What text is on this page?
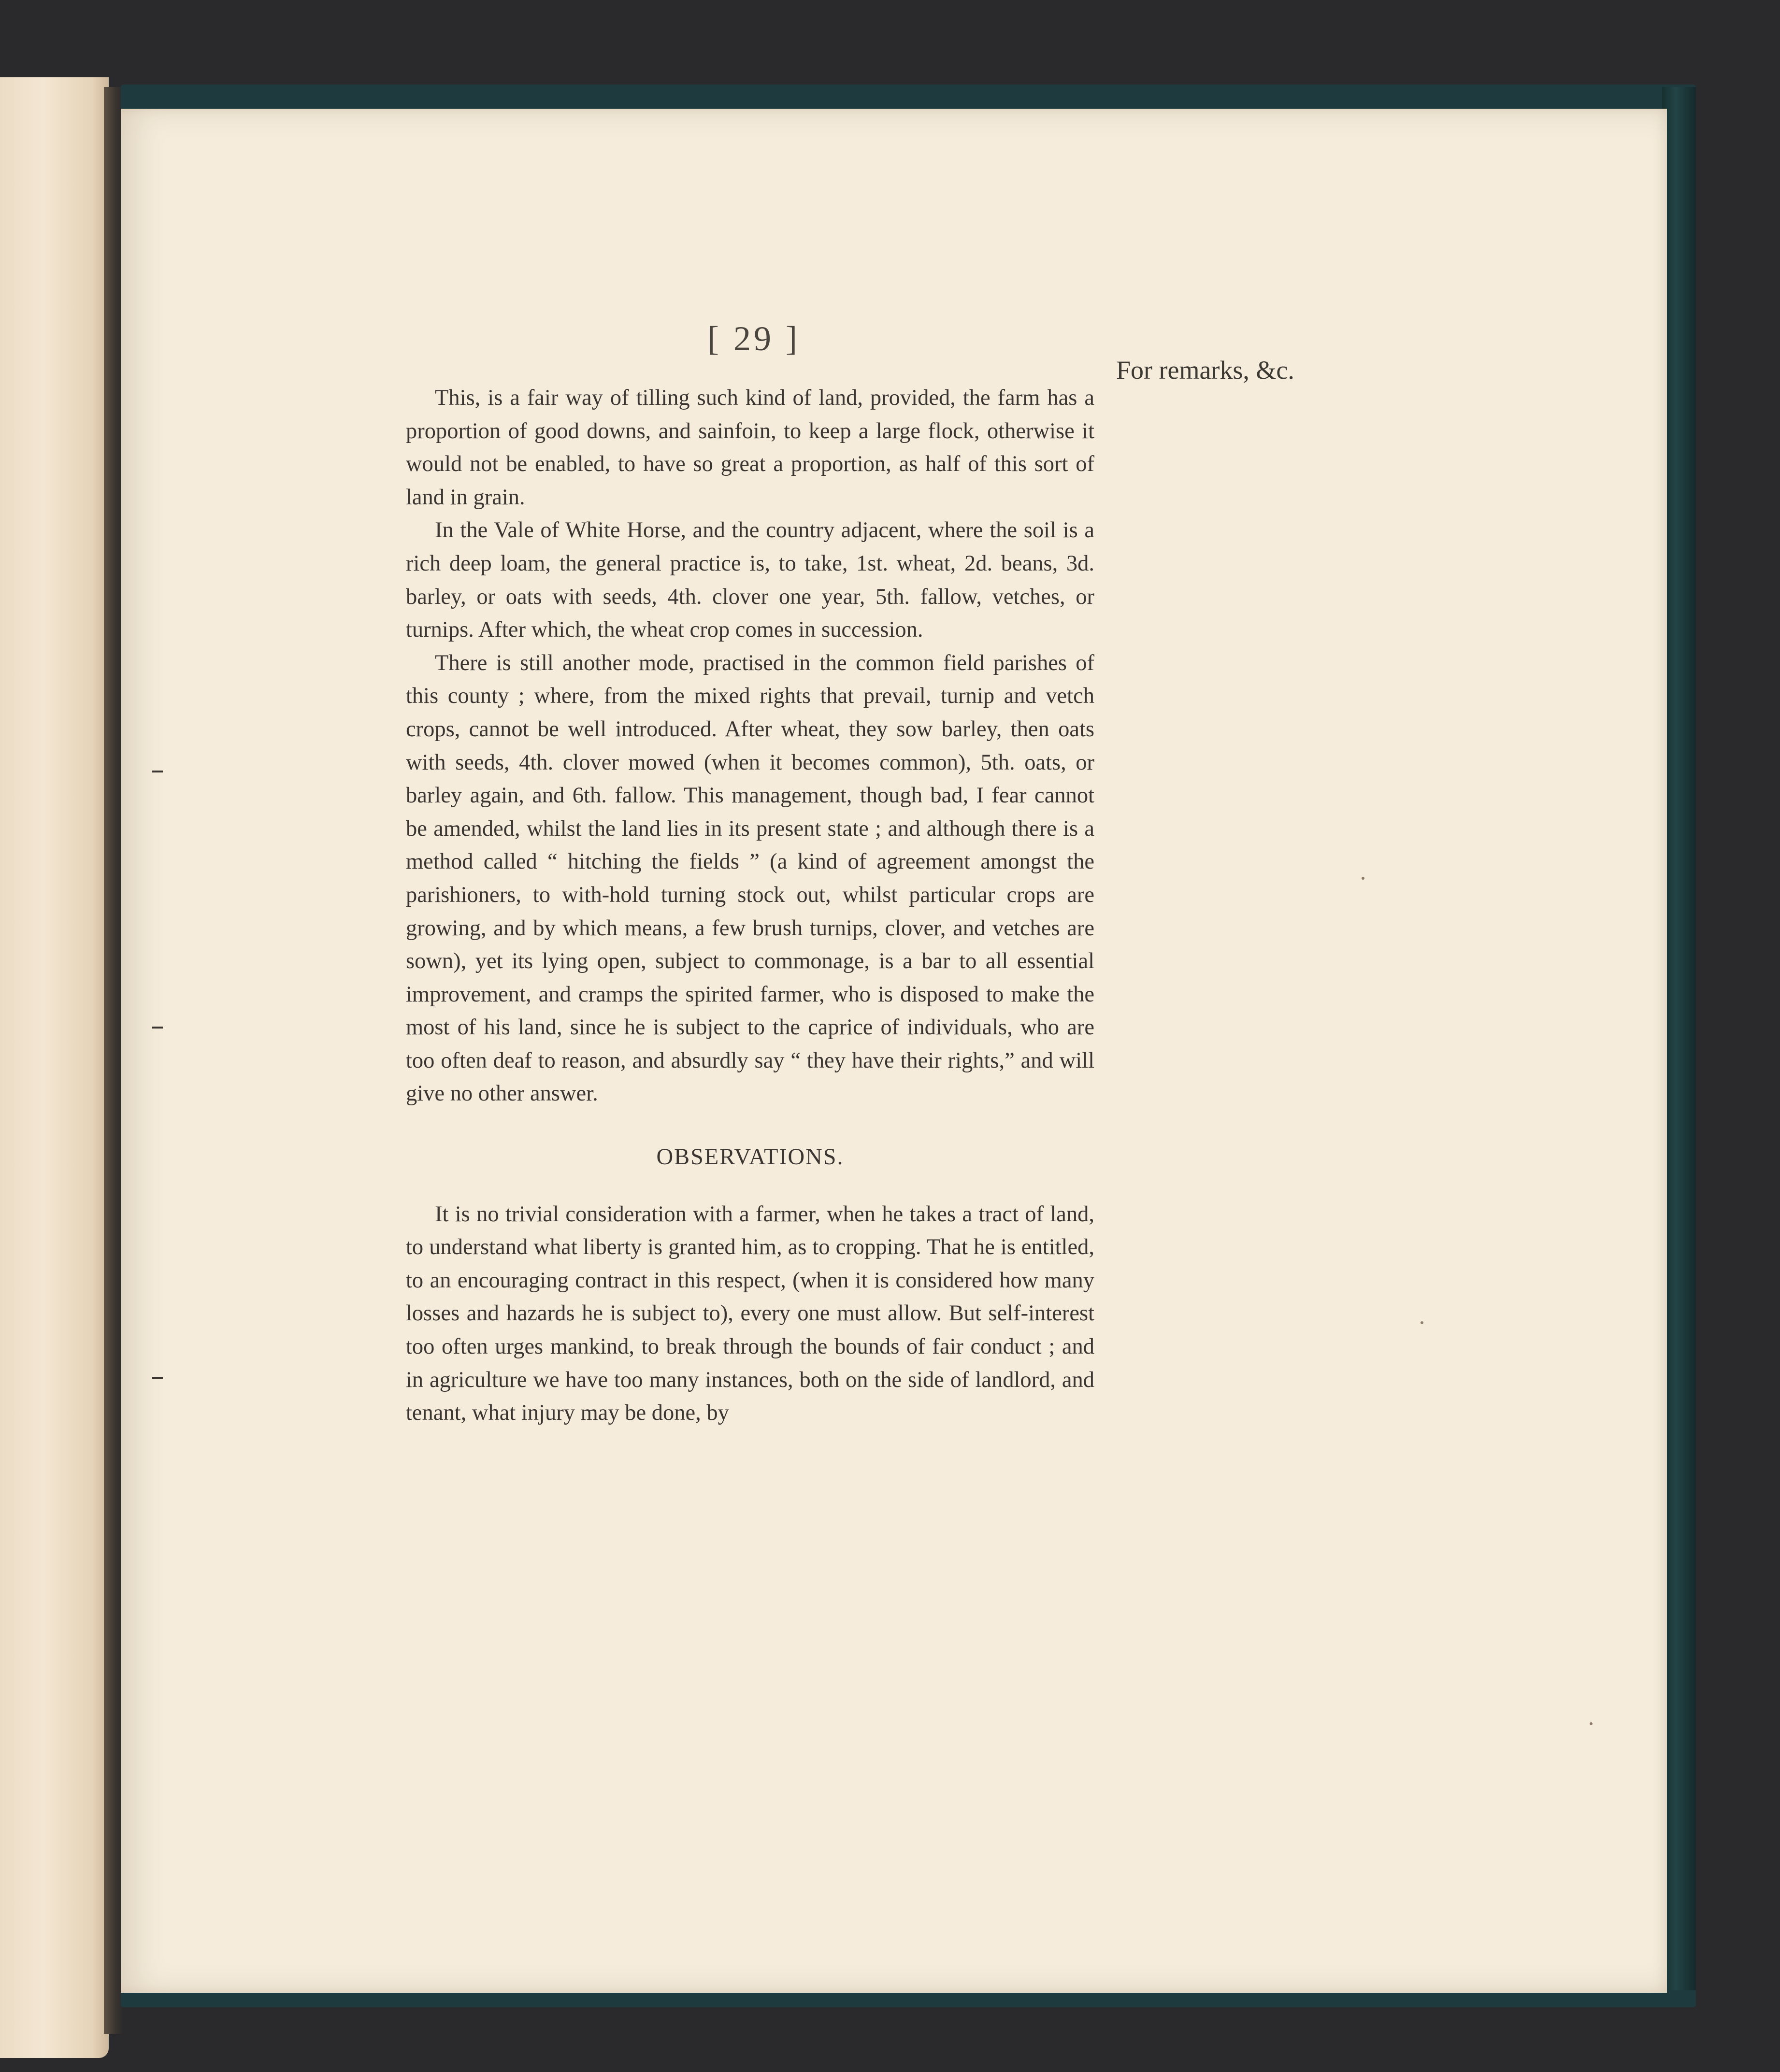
[ 29 ]
For remarks, &c.

This, is a fair way of tilling such kind of land, provided, the farm has a proportion of good downs, and sainfoin, to keep a large flock, otherwise it would not be enabled, to have so great a proportion, as half of this sort of land in grain.

In the Vale of White Horse, and the country adjacent, where the soil is a rich deep loam, the general practice is, to take, 1st. wheat, 2d. beans, 3d. barley, or oats with seeds, 4th. clover one year, 5th. fallow, vetches, or turnips. After which, the wheat crop comes in succession.

There is still another mode, practised in the common field parishes of this county ; where, from the mixed rights that prevail, turnip and vetch crops, cannot be well introduced. After wheat, they sow barley, then oats with seeds, 4th. clover mowed (when it becomes common), 5th. oats, or barley again, and 6th. fallow. This management, though bad, I fear cannot be amended, whilst the land lies in its present state ; and although there is a method called “ hitching the fields ” (a kind of agreement amongst the parishioners, to with-hold turning stock out, whilst particular crops are growing, and by which means, a few brush turnips, clover, and vetches are sown), yet its lying open, subject to commonage, is a bar to all essential improvement, and cramps the spirited farmer, who is disposed to make the most of his land, since he is subject to the caprice of individuals, who are too often deaf to reason, and absurdly say “ they have their rights,” and will give no other answer.

OBSERVATIONS.

It is no trivial consideration with a farmer, when he takes a tract of land, to understand what liberty is granted him, as to cropping. That he is entitled, to an encouraging contract in this respect, (when it is considered how many losses and hazards he is subject to), every one must allow. But self-interest too often urges mankind, to break through the bounds of fair conduct ; and in agriculture we have too many instances, both on the side of landlord, and tenant, what injury may be done, by
